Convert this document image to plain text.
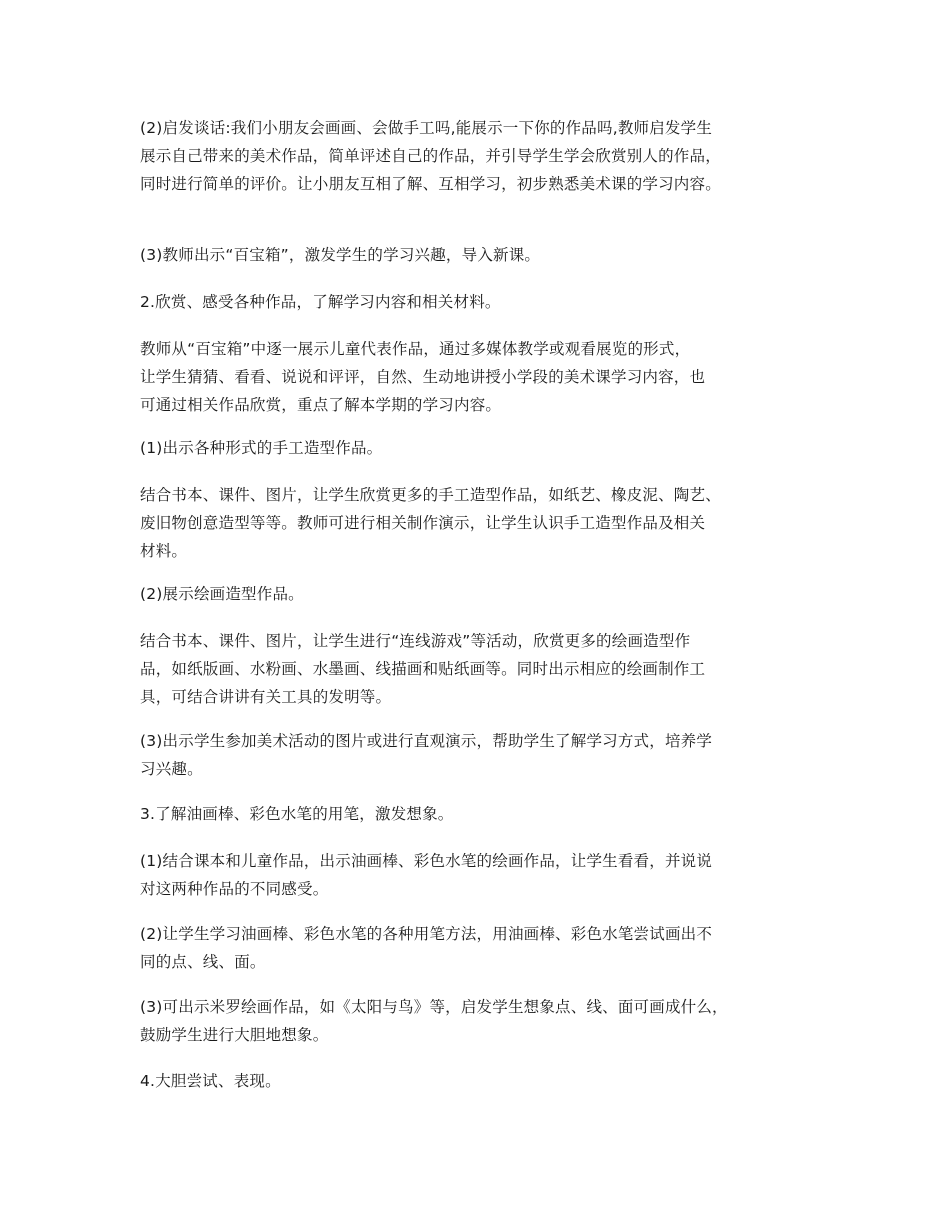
(2)启发谈话:我们小朋友会画画、会做手工吗,能展示一下你的作品吗,教师启发学生
展示自己带来的美术作品，简单评述自己的作品，并引导学生学会欣赏别人的作品，
同时进行简单的评价。让小朋友互相了解、互相学习，初步熟悉美术课的学习内容。

(3)教师出示“百宝箱”，激发学生的学习兴趣，导入新课。

2.欣赏、感受各种作品，了解学习内容和相关材料。

教师从“百宝箱”中逐一展示儿童代表作品，通过多媒体教学或观看展览的形式，
让学生猜猜、看看、说说和评评，自然、生动地讲授小学段的美术课学习内容，也
可通过相关作品欣赏，重点了解本学期的学习内容。

(1)出示各种形式的手工造型作品。

结合书本、课件、图片，让学生欣赏更多的手工造型作品，如纸艺、橡皮泥、陶艺、
废旧物创意造型等等。教师可进行相关制作演示，让学生认识手工造型作品及相关
材料。

(2)展示绘画造型作品。

结合书本、课件、图片，让学生进行“连线游戏”等活动，欣赏更多的绘画造型作
品，如纸版画、水粉画、水墨画、线描画和贴纸画等。同时出示相应的绘画制作工
具，可结合讲讲有关工具的发明等。

(3)出示学生参加美术活动的图片或进行直观演示，帮助学生了解学习方式，培养学
习兴趣。

3.了解油画棒、彩色水笔的用笔，激发想象。

(1)结合课本和儿童作品，出示油画棒、彩色水笔的绘画作品，让学生看看，并说说
对这两种作品的不同感受。

(2)让学生学习油画棒、彩色水笔的各种用笔方法，用油画棒、彩色水笔尝试画出不
同的点、线、面。

(3)可出示米罗绘画作品，如《太阳与鸟》等，启发学生想象点、线、面可画成什么，
鼓励学生进行大胆地想象。

4.大胆尝试、表现。
